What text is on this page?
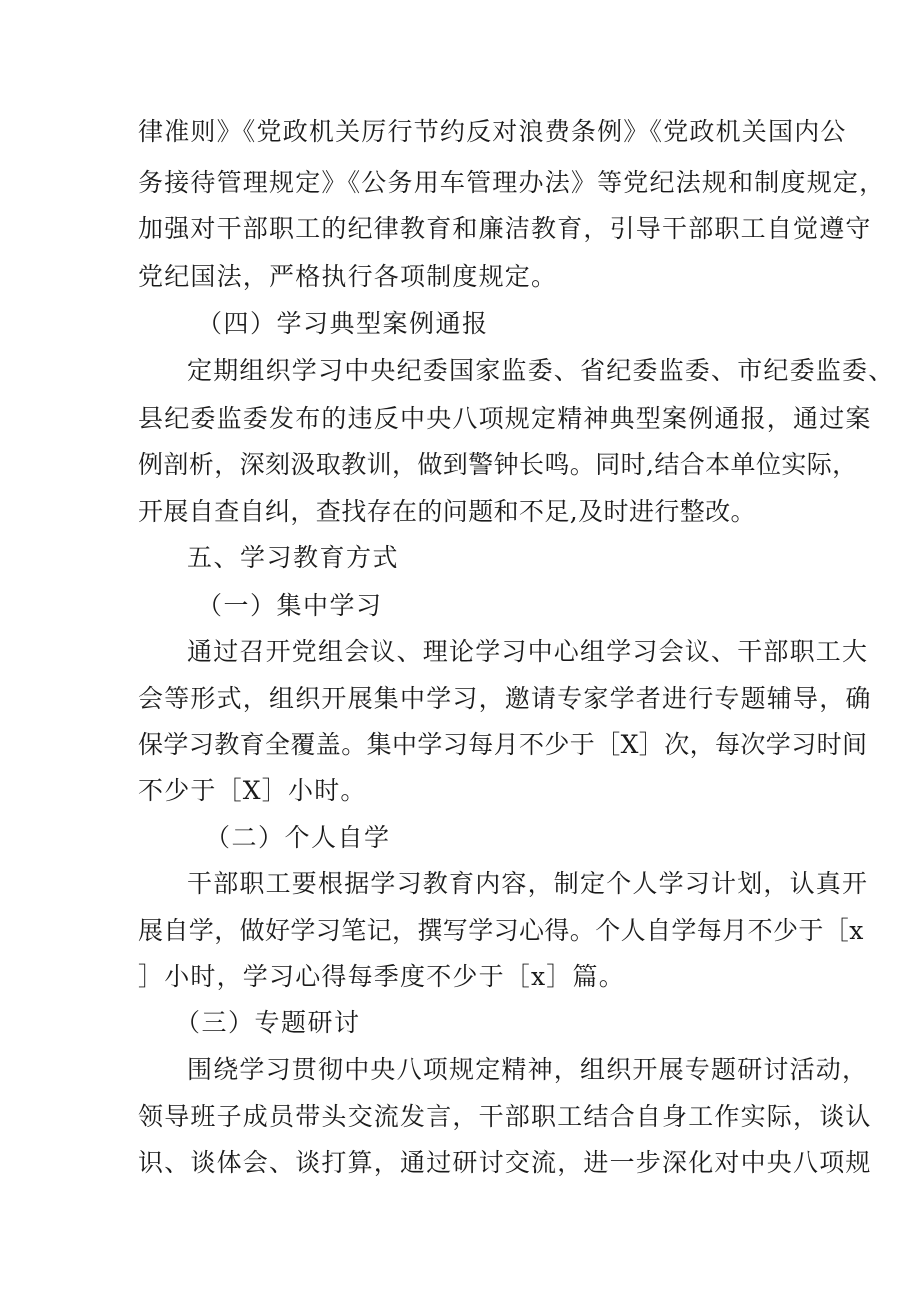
律准则》《党政机关厉行节约反对浪费条例》《党政机关国内公
务接待管理规定》《公务用车管理办法》等党纪法规和制度规定，
加强对干部职工的纪律教育和廉洁教育，引导干部职工自觉遵守
党纪国法，严格执行各项制度规定。
（四）学习典型案例通报
定期组织学习中央纪委国家监委、省纪委监委、市纪委监委、
县纪委监委发布的违反中央八项规定精神典型案例通报，通过案
例剖析，深刻汲取教训，做到警钟长鸣。同时,结合本单位实际，
开展自查自纠，查找存在的问题和不足,及时进行整改。
五、学习教育方式
（一）集中学习
通过召开党组会议、理论学习中心组学习会议、干部职工大
会等形式，组织开展集中学习，邀请专家学者进行专题辅导，确
保学习教育全覆盖。集中学习每月不少于［X］次，每次学习时间
不少于［X］小时。
（二）个人自学
干部职工要根据学习教育内容，制定个人学习计划，认真开
展自学，做好学习笔记，撰写学习心得。个人自学每月不少于［x
］小时，学习心得每季度不少于［x］篇。
（三）专题研讨
围绕学习贯彻中央八项规定精神，组织开展专题研讨活动，
领导班子成员带头交流发言，干部职工结合自身工作实际，谈认
识、谈体会、谈打算，通过研讨交流，进一步深化对中央八项规
